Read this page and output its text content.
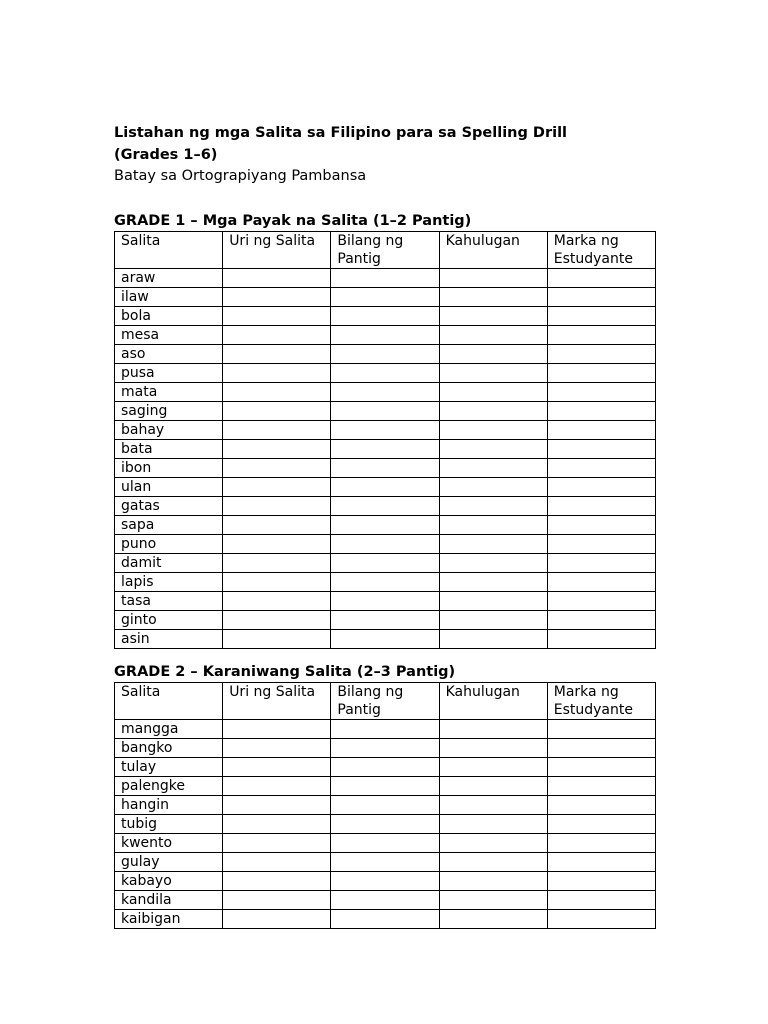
Listahan ng mga Salita sa Filipino para sa Spelling Drill

(Grades 1–6)

Batay sa Ortograpiyang Pambansa

GRADE 1 – Mga Payak na Salita (1–2 Pantig)

Salita	Uri ng Salita	Bilang ng Pantig	Kahulugan	Marka ng Estudyante
araw				
ilaw				
bola				
mesa				
aso				
pusa				
mata				
saging				
bahay				
bata				
ibon				
ulan				
gatas				
sapa				
puno				
damit				
lapis				
tasa				
ginto				
asin				

GRADE 2 – Karaniwang Salita (2–3 Pantig)

Salita	Uri ng Salita	Bilang ng Pantig	Kahulugan	Marka ng Estudyante
mangga				
bangko				
tulay				
palengke				
hangin				
tubig				
kwento				
gulay				
kabayo				
kandila				
kaibigan				
